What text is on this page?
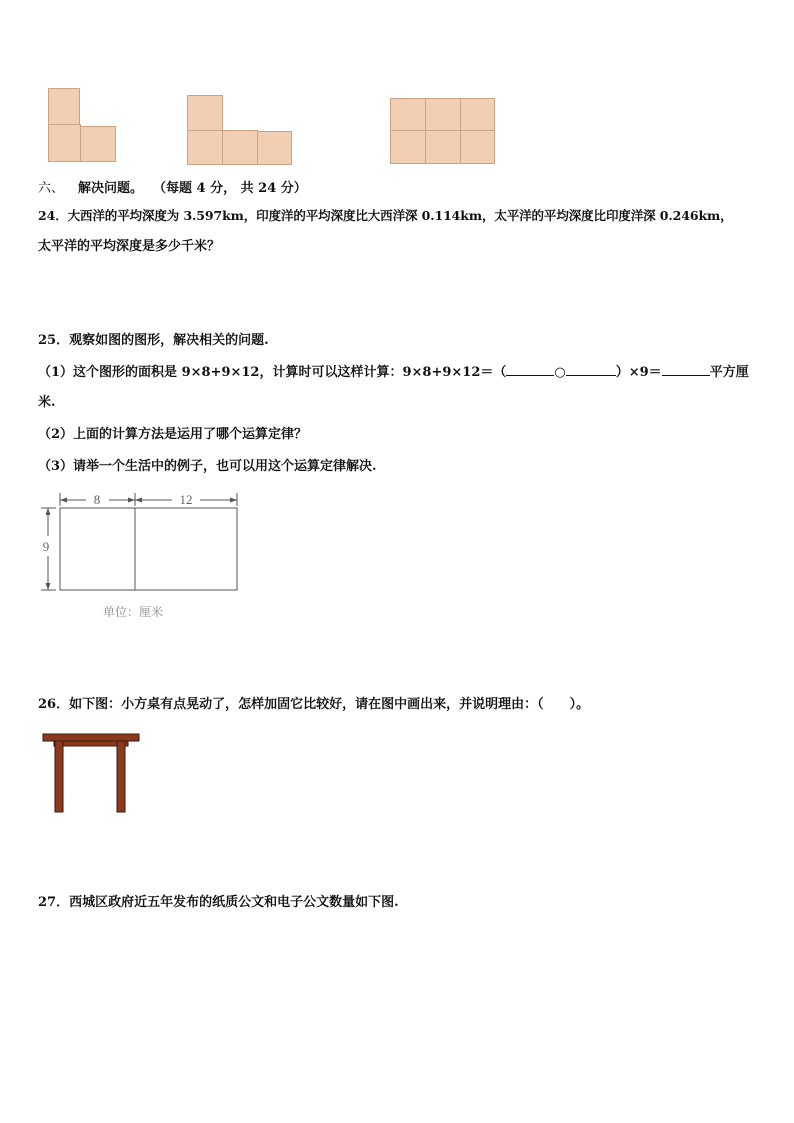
六、 解决问题。 （每题 4 分， 共 24 分）
24．大西洋的平均深度为 3.597km，印度洋的平均深度比大西洋深 0.114km，太平洋的平均深度比印度洋深 0.246km，
太平洋的平均深度是多少千米？
25．观察如图的图形，解决相关的问题.
（1）这个图形的面积是 9×8+9×12，计算时可以这样计算：9×8+9×12＝（	○	）×9＝	平方厘
米.
（2）上面的计算方法是运用了哪个运算定律？
（3）请举一个生活中的例子，也可以用这个运算定律解决.
8	12
9
单位：厘米
26．如下图：小方桌有点晃动了，怎样加固它比较好，请在图中画出来，并说明理由：（　　）。
27．西城区政府近五年发布的纸质公文和电子公文数量如下图.
